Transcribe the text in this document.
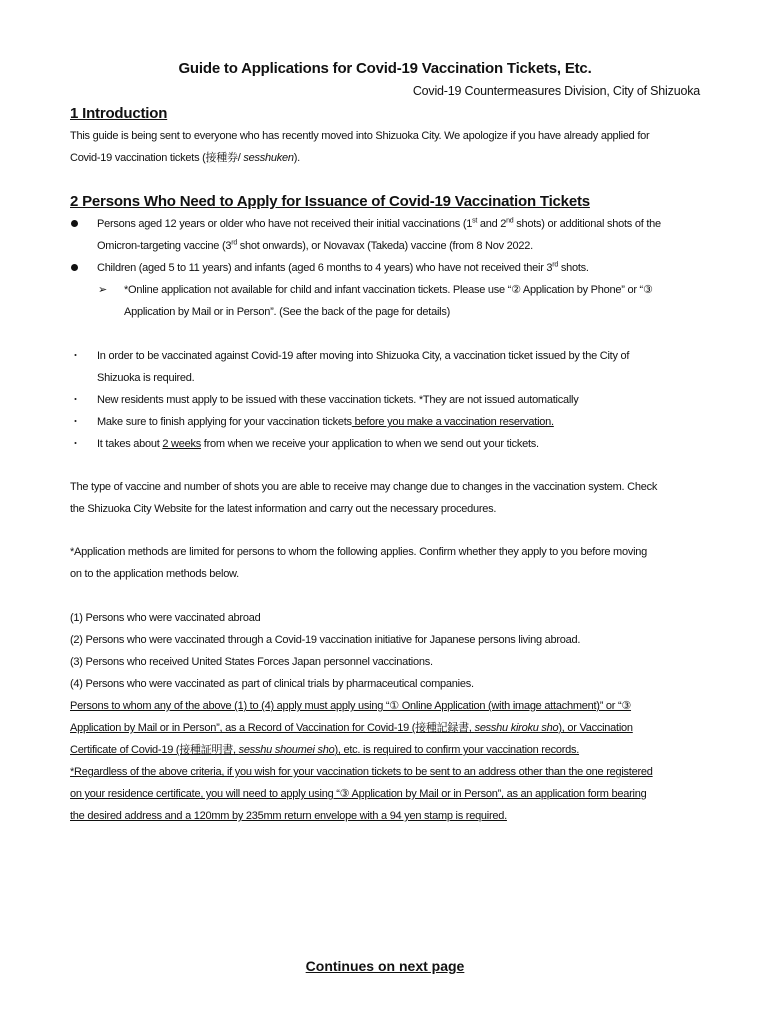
Guide to Applications for Covid-19 Vaccination Tickets, Etc.
Covid-19 Countermeasures Division, City of Shizuoka
1 Introduction
This guide is being sent to everyone who has recently moved into Shizuoka City. We apologize if you have already applied for
Covid-19 vaccination tickets (接種券/ sesshuken).
2 Persons Who Need to Apply for Issuance of Covid-19 Vaccination Tickets
Persons aged 12 years or older who have not received their initial vaccinations (1st and 2nd shots) or additional shots of the
Omicron-targeting vaccine (3rd shot onwards), or Novavax (Takeda) vaccine (from 8 Nov 2022.
Children (aged 5 to 11 years) and infants (aged 6 months to 4 years) who have not received their 3rd shots.
➢	*Online application not available for child and infant vaccination tickets. Please use “② Application by Phone” or “③
Application by Mail or in Person”. (See the back of the page for details)
・	In order to be vaccinated against Covid-19 after moving into Shizuoka City, a vaccination ticket issued by the City of
Shizuoka is required.
・	New residents must apply to be issued with these vaccination tickets. *They are not issued automatically
・	Make sure to finish applying for your vaccination tickets before you make a vaccination reservation.
・	It takes about 2 weeks from when we receive your application to when we send out your tickets.
The type of vaccine and number of shots you are able to receive may change due to changes in the vaccination system. Check
the Shizuoka City Website for the latest information and carry out the necessary procedures.
*Application methods are limited for persons to whom the following applies. Confirm whether they apply to you before moving
on to the application methods below.
(1) Persons who were vaccinated abroad
(2) Persons who were vaccinated through a Covid-19 vaccination initiative for Japanese persons living abroad.
(3) Persons who received United States Forces Japan personnel vaccinations.
(4) Persons who were vaccinated as part of clinical trials by pharmaceutical companies.
Persons to whom any of the above (1) to (4) apply must apply using “① Online Application (with image attachment)” or “③
Application by Mail or in Person”, as a Record of Vaccination for Covid-19 (接種記録書, sesshu kiroku sho), or Vaccination
Certificate of Covid-19 (接種証明書, sesshu shoumei sho), etc. is required to confirm your vaccination records.
*Regardless of the above criteria, if you wish for your vaccination tickets to be sent to an address other than the one registered
on your residence certificate, you will need to apply using “③ Application by Mail or in Person”, as an application form bearing
the desired address and a 120mm by 235mm return envelope with a 94 yen stamp is required.
Continues on next page
